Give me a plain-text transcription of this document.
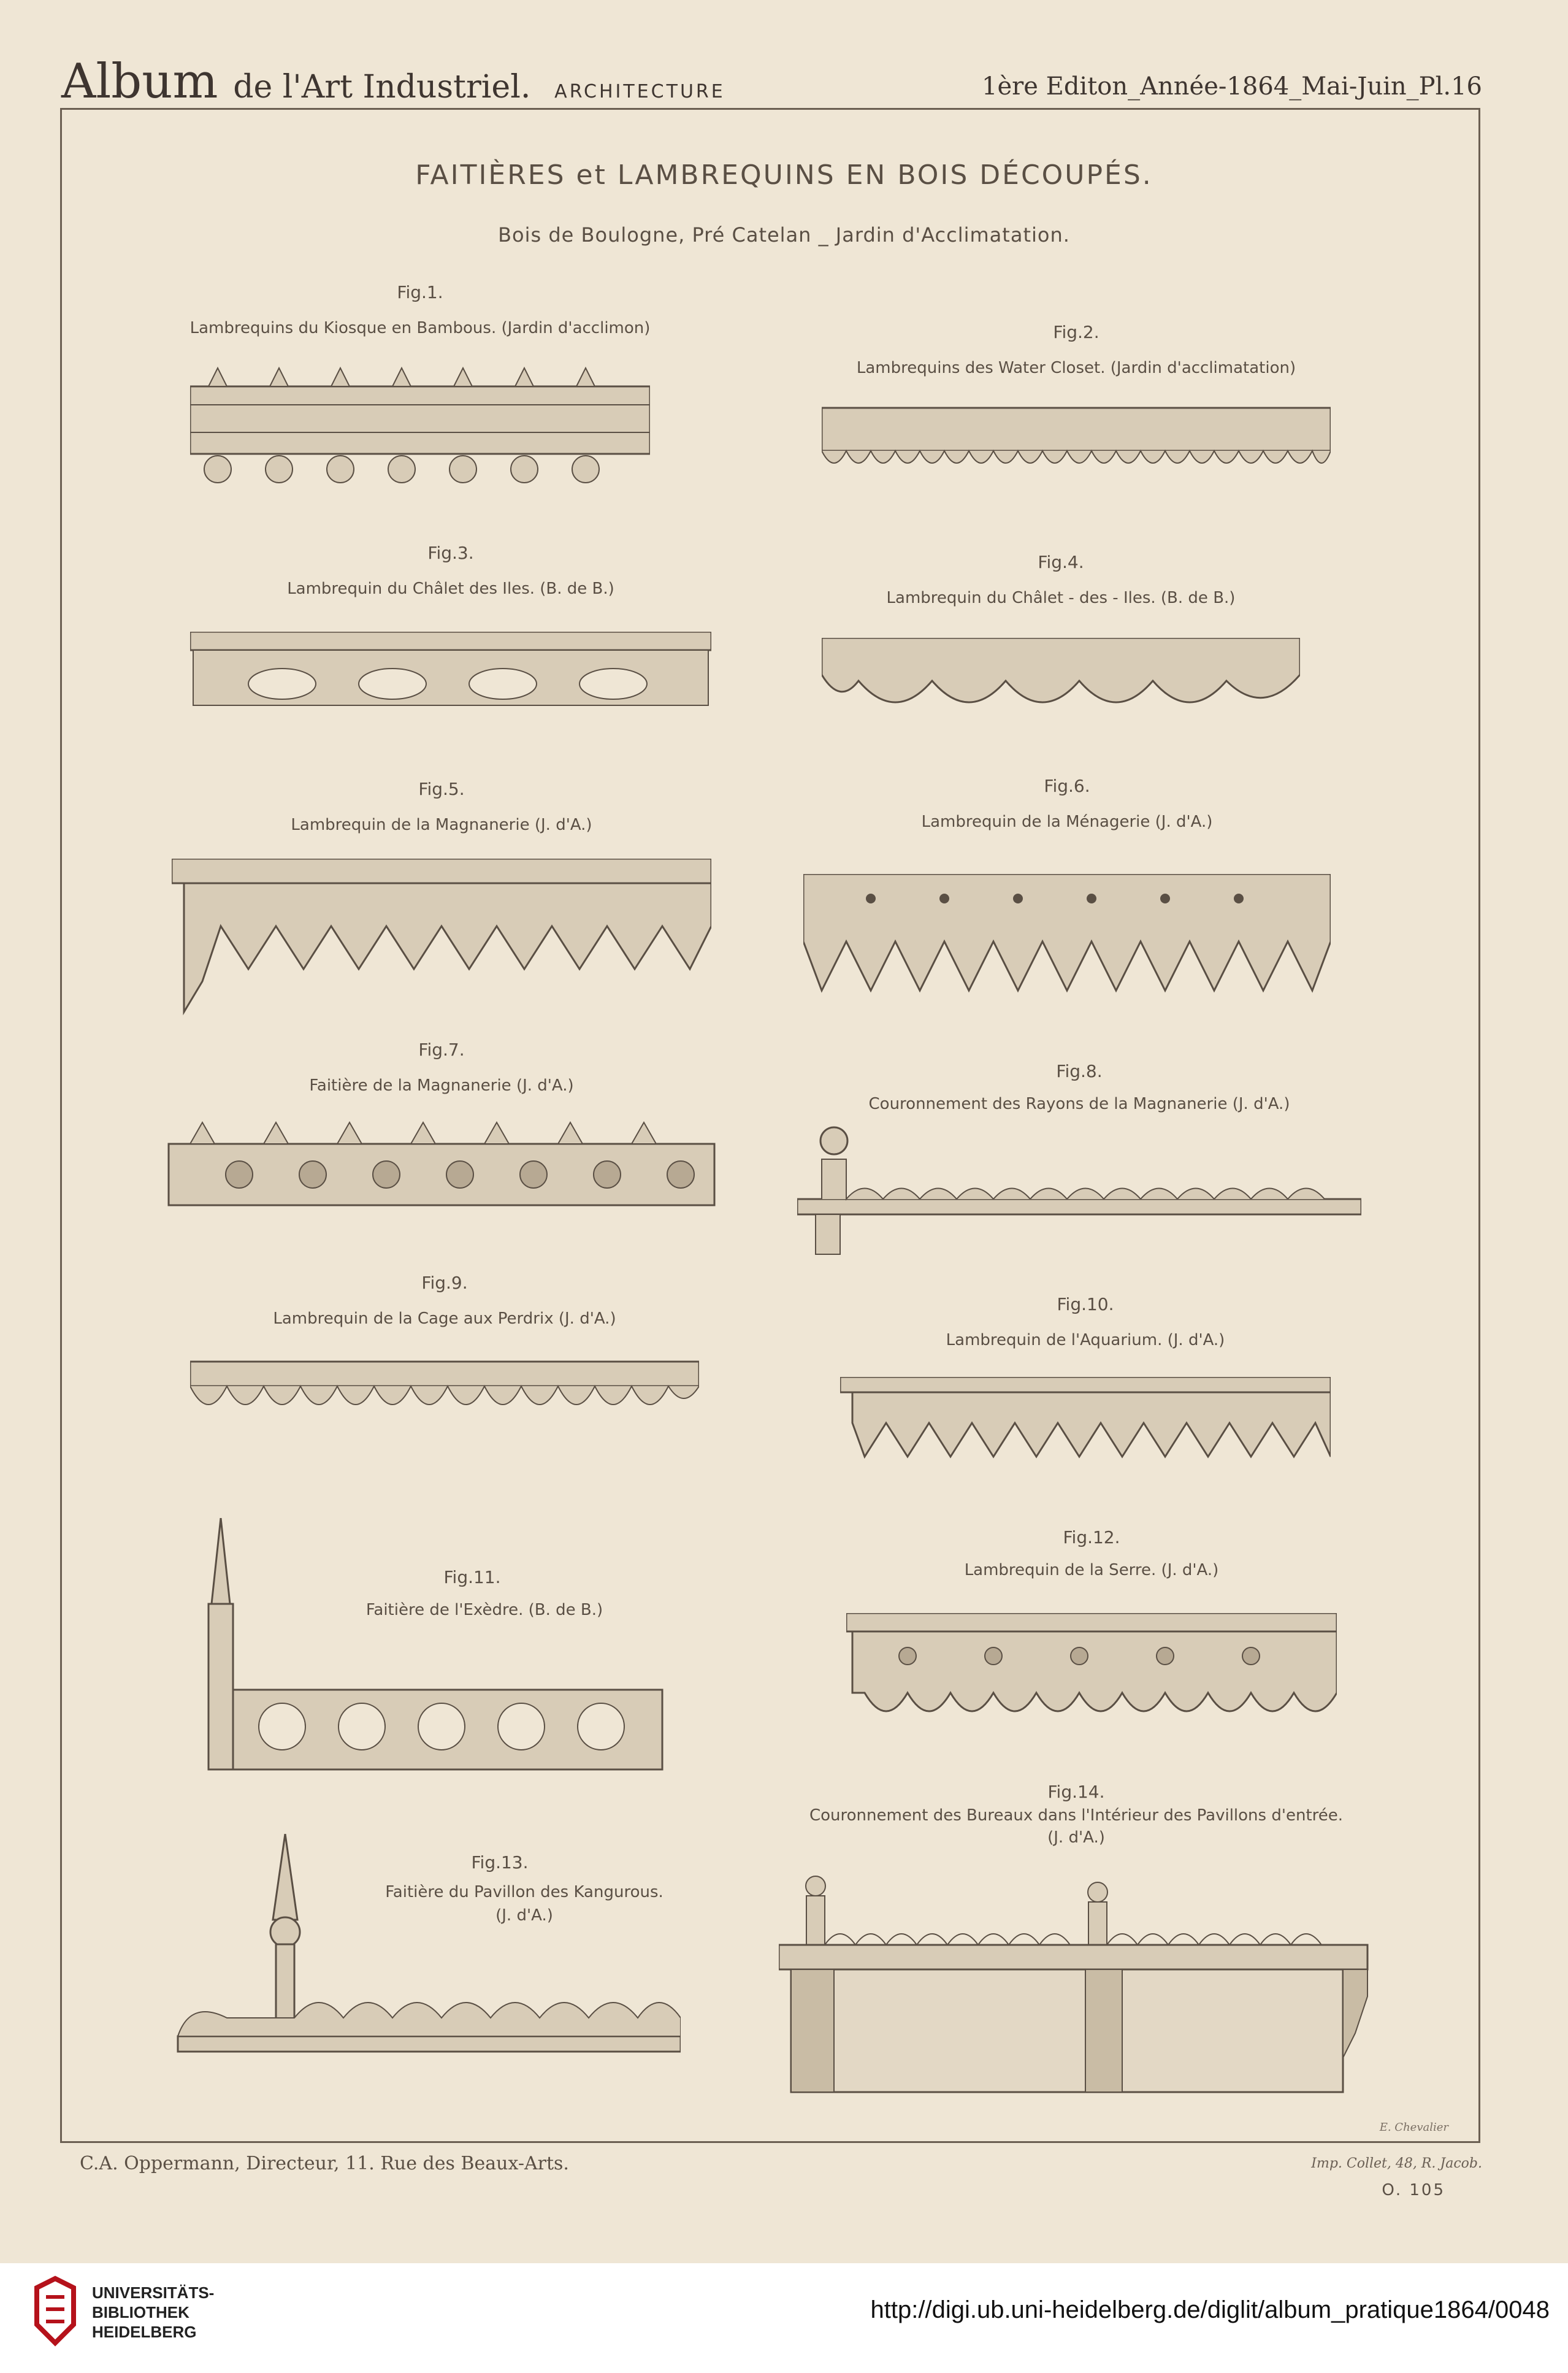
Album de l'Art Industriel. ARCHITECTURE	1ère Editon_Année-1864_Mai-Juin_Pl.16
FAITIÈRES et LAMBREQUINS EN BOIS DÉCOUPÉS.
Bois de Boulogne, Pré Catelan _ Jardin d'Acclimatation.
Fig.1.
Lambrequins du Kiosque en Bambous. (Jardin d'acclimon)	Fig.2.
Lambrequins des Water Closet. (Jardin d'acclimatation)
Fig.3.
Lambrequin du Châlet des Iles. (B. de B.)
Fig.4.
Lambrequin du Châlet - des - Iles. (B. de B.)
Fig.5.
Lambrequin de la Magnanerie (J. d'A.)
Fig.6.
Lambrequin de la Ménagerie (J. d'A.)
Fig.7.
Faitière de la Magnanerie (J. d'A.)
Fig.8.
Couronnement des Rayons de la Magnanerie (J. d'A.)
Fig.9.
Lambrequin de la Cage aux Perdrix (J. d'A.)
Fig.10.
Lambrequin de l'Aquarium. (J. d'A.)
Fig.11.
Faitière de l'Exèdre. (B. de B.)
Fig.12.
Lambrequin de la Serre. (J. d'A.)
Fig.13.
Faitière du Pavillon des Kangurous.
(J. d'A.)
Fig.14.
Couronnement des Bureaux dans l'Intérieur des Pavillons d'entrée.
(J. d'A.)
E. Chevalier
C.A. Oppermann, Directeur, 11. Rue des Beaux-Arts.	Imp. Collet, 48, R. Jacob.
O. 105
UNIVERSITÄTS-
BIBLIOTHEK
HEIDELBERG
http://digi.ub.uni-heidelberg.de/diglit/album_pratique1864/0048
